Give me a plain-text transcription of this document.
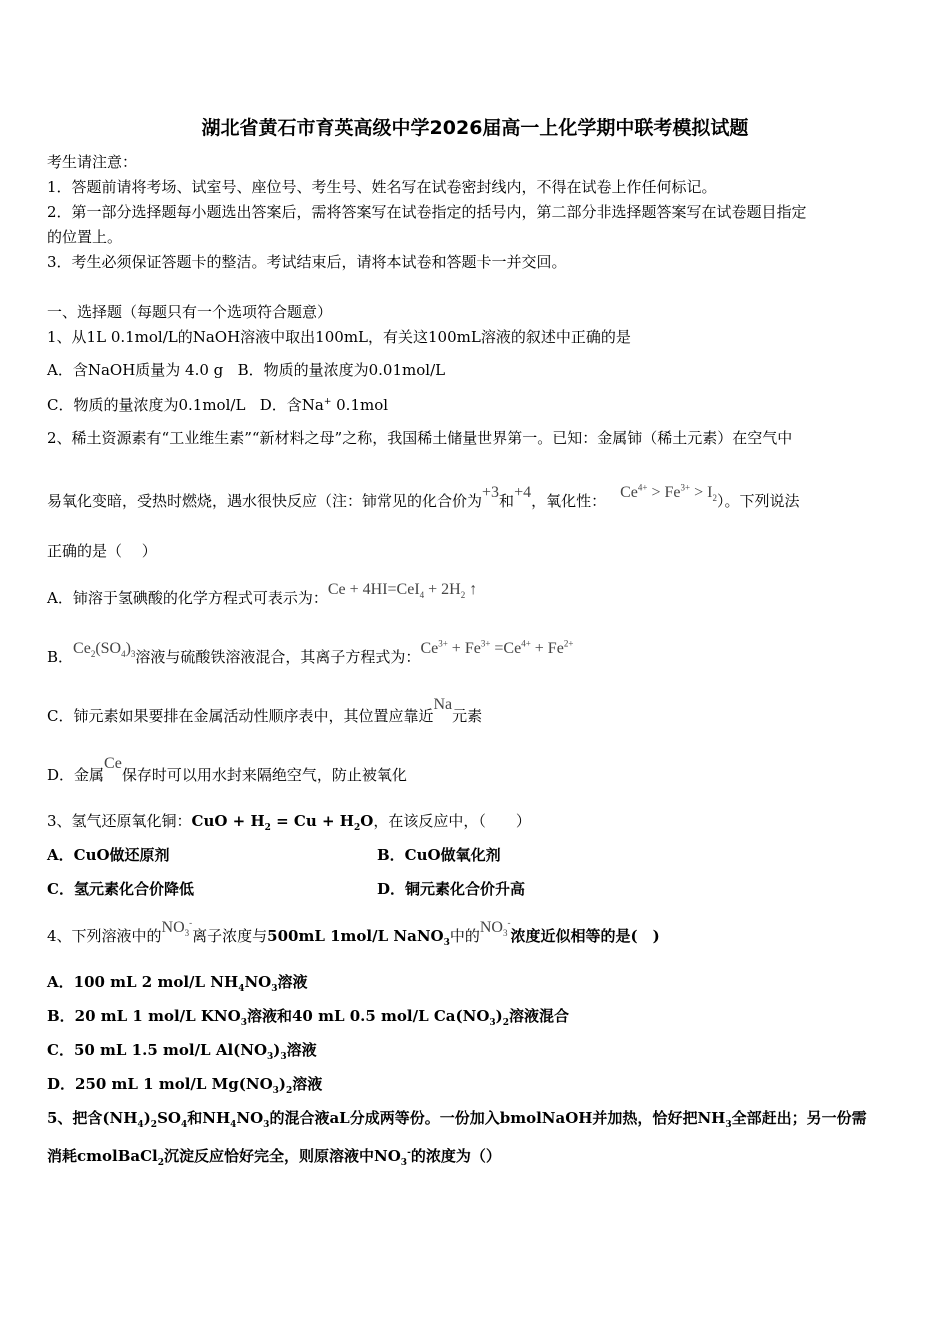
湖北省黄石市育英高级中学2026届高一上化学期中联考模拟试题
考生请注意：
1．答题前请将考场、试室号、座位号、考生号、姓名写在试卷密封线内，不得在试卷上作任何标记。
2．第一部分选择题每小题选出答案后，需将答案写在试卷指定的括号内，第二部分非选择题答案写在试卷题目指定
的位置上。
3．考生必须保证答题卡的整洁。考试结束后，请将本试卷和答题卡一并交回。
一、选择题（每题只有一个选项符合题意）
1、从1L 0.1mol/L的NaOH溶液中取出100mL，有关这100mL溶液的叙述中正确的是
A．含NaOH质量为 4.0 g B．物质的量浓度为0.01mol/L
C．物质的量浓度为0.1mol/L D．含Na+ 0.1mol
2、稀土资源素有“工业维生素”“新材料之母”之称，我国稀土储量世界第一。已知：金属铈（稀土元素）在空气中
易氧化变暗，受热时燃烧，遇水很快反应（注：铈常见的化合价为+3和+4，氧化性： $Ce^{4+} > Fe^{3+} > I_2$）。下列说法
正确的是（　 ）
A．铈溶于氢碘酸的化学方程式可表示为：$Ce + 4HI=CeI_4 + 2H_2$ ↑
B．$Ce_2(SO_4)_3$溶液与硫酸铁溶液混合，其离子方程式为：$Ce^{3+} + Fe^{3+} =Ce^{4+} + Fe^{2+}$
C．铈元素如果要排在金属活动性顺序表中，其位置应靠近Na元素
D．金属Ce保存时可以用水封来隔绝空气，防止被氧化
3、氢气还原氧化铜：CuO + $H_2 = Cu + H_2O$，在该反应中，（　　）
A．CuO做还原剂	B．CuO做氧化剂
C．氢元素化合价降低	D．铜元素化合价升高
4、下列溶液中的$NO_3^-$离子浓度与500mL 1mol/L NaNO$_3$中的$NO_3^-$浓度近似相等的是(　)
A．100 mL 2 mol/L $NH_4NO_3$溶液
B．20 mL 1 mol/L $KNO_3$溶液和40 mL 0.5 mol/L $Ca(NO_3)_2$溶液混合
C．50 mL 1.5 mol/L $Al(NO_3)_3$溶液
D．250 mL 1 mol/L $Mg(NO_3)_2$溶液
5、把含$(NH_4)_2SO_4$和$NH_4NO_3$的混合液aL分成两等份。一份加入bmolNaOH并加热，恰好把$NH_3$全部赶出；另一份需
消耗cmolBaCl$_2$沉淀反应恰好完全，则原溶液中$NO_3^-$的浓度为（）
